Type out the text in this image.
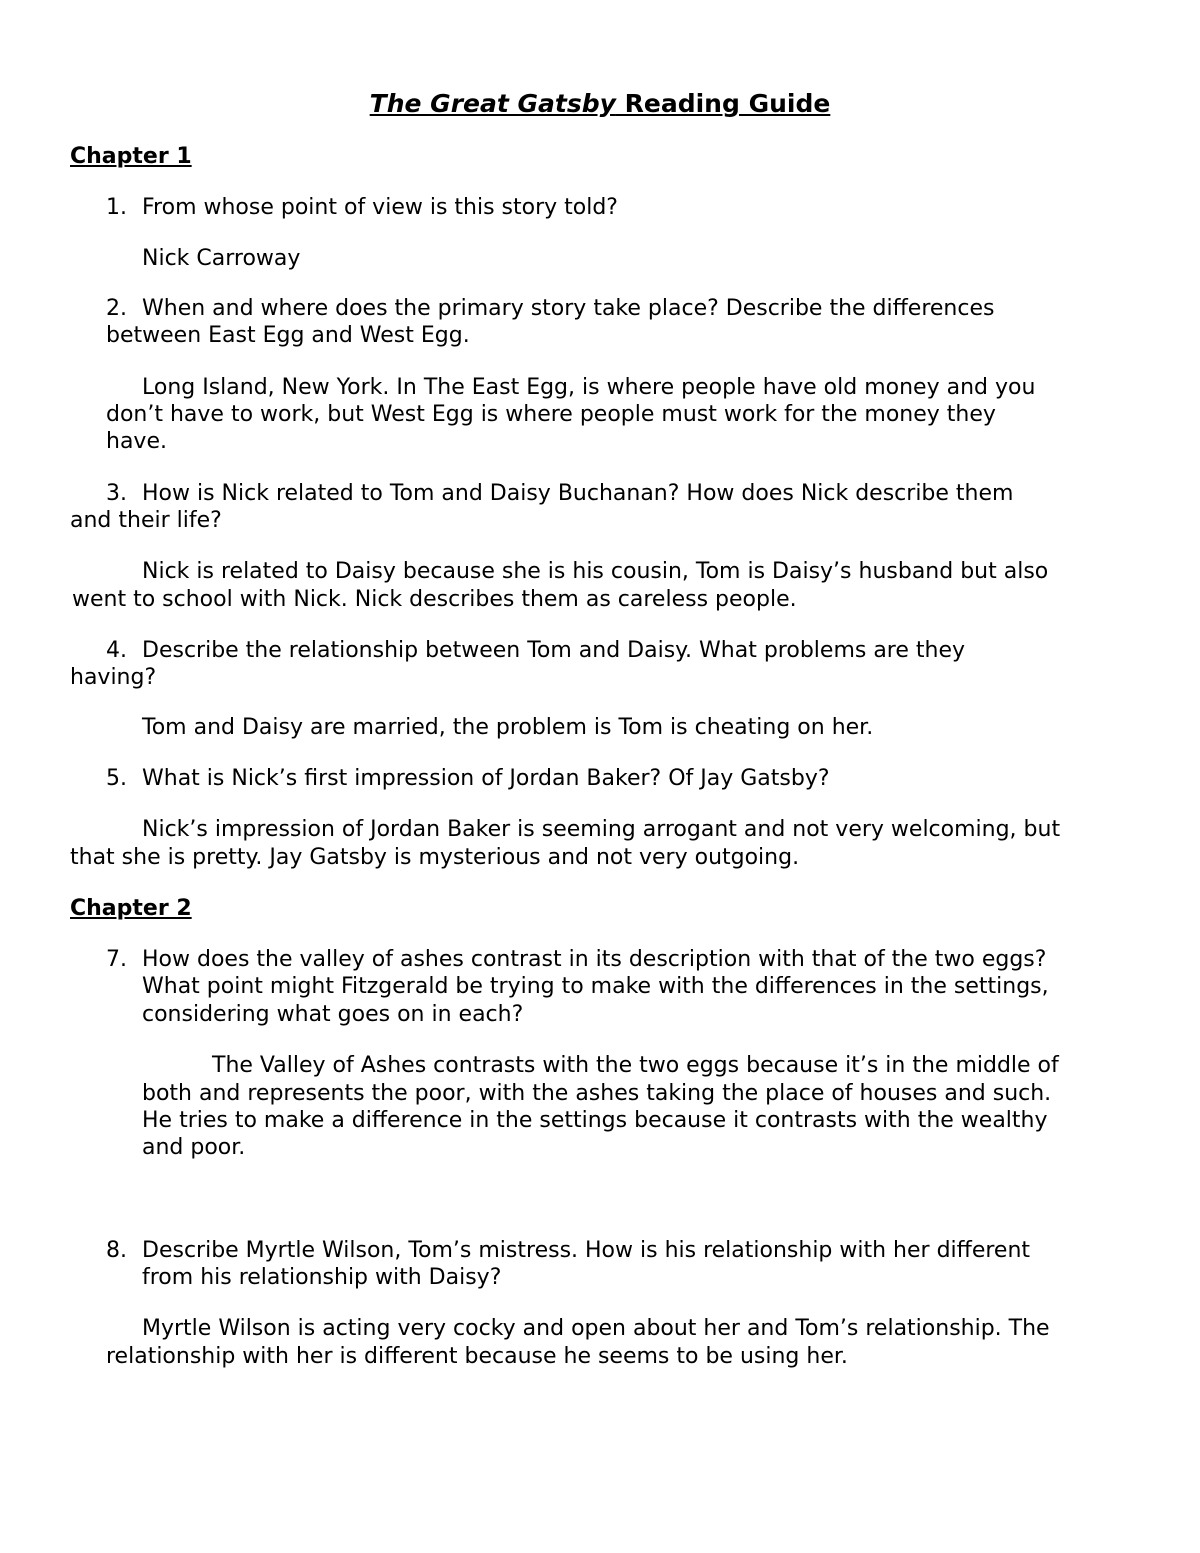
The Great Gatsby Reading Guide
Chapter 1
1. From whose point of view is this story told?
Nick Carroway
2. When and where does the primary story take place? Describe the differences
between East Egg and West Egg.
Long Island, New York. In The East Egg, is where people have old money and you
don’t have to work, but West Egg is where people must work for the money they
have.
3. How is Nick related to Tom and Daisy Buchanan? How does Nick describe them
and their life?
Nick is related to Daisy because she is his cousin, Tom is Daisy’s husband but also
went to school with Nick. Nick describes them as careless people.
4. Describe the relationship between Tom and Daisy. What problems are they
having?
Tom and Daisy are married, the problem is Tom is cheating on her.
5. What is Nick’s first impression of Jordan Baker? Of Jay Gatsby?
Nick’s impression of Jordan Baker is seeming arrogant and not very welcoming, but
that she is pretty. Jay Gatsby is mysterious and not very outgoing.
Chapter 2
7. How does the valley of ashes contrast in its description with that of the two eggs?
What point might Fitzgerald be trying to make with the differences in the settings,
considering what goes on in each?
The Valley of Ashes contrasts with the two eggs because it’s in the middle of
both and represents the poor, with the ashes taking the place of houses and such.
He tries to make a difference in the settings because it contrasts with the wealthy
and poor.
8. Describe Myrtle Wilson, Tom’s mistress. How is his relationship with her different
from his relationship with Daisy?
Myrtle Wilson is acting very cocky and open about her and Tom’s relationship. The
relationship with her is different because he seems to be using her.
